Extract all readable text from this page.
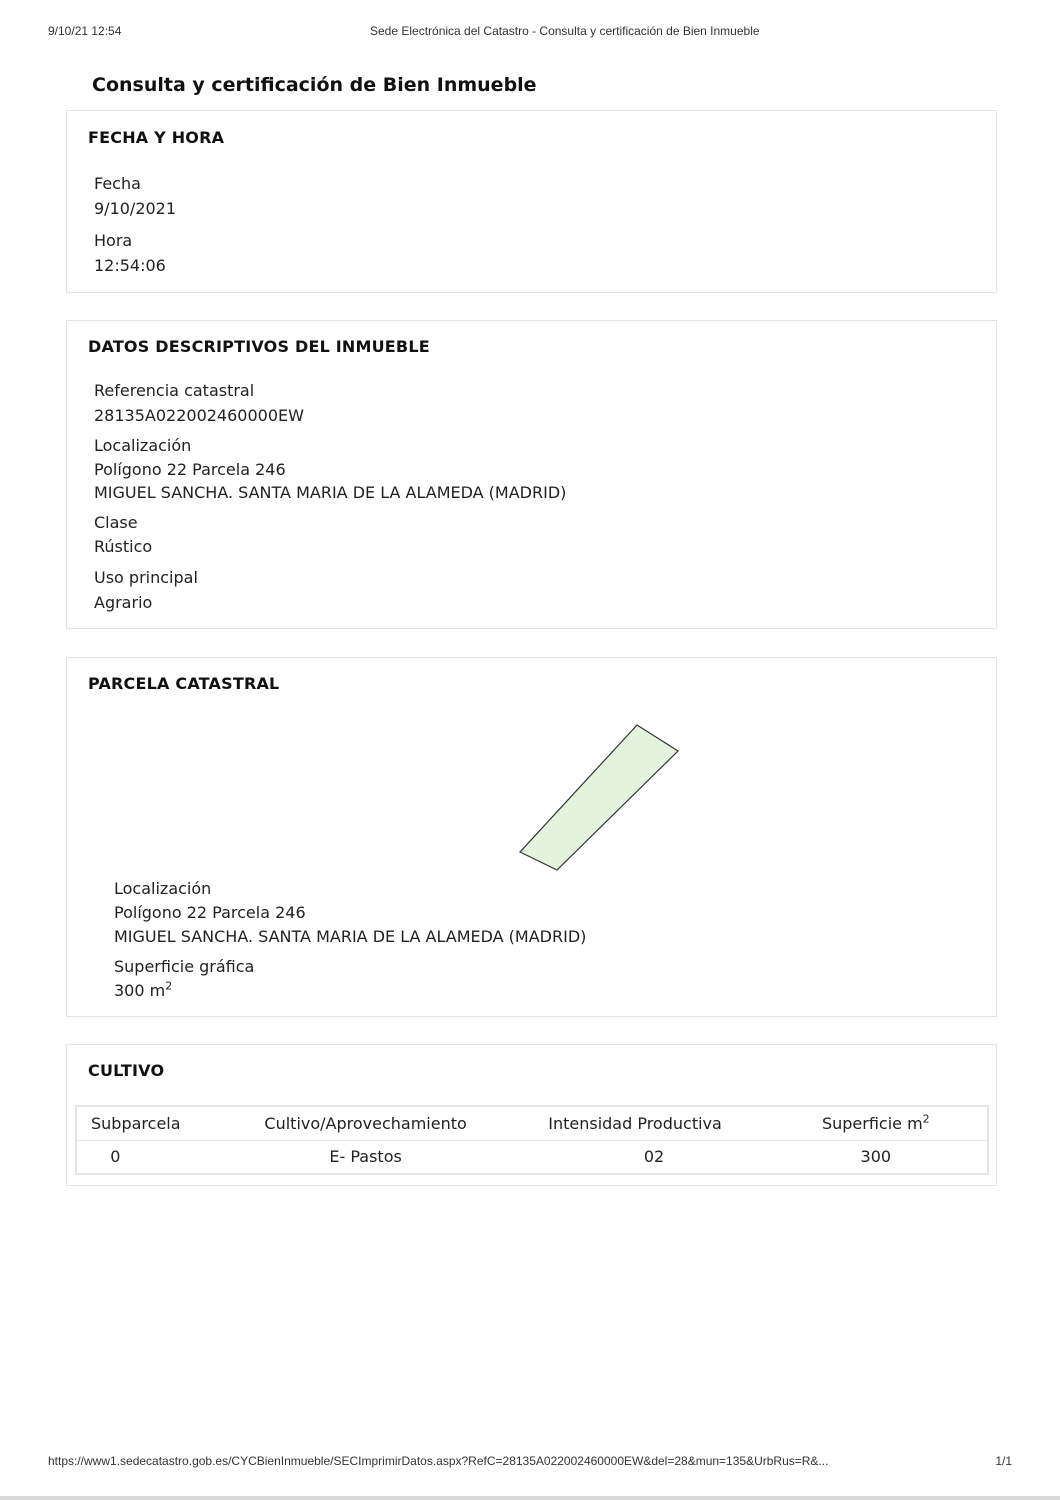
9/10/21 12:54	Sede Electrónica del Catastro - Consulta y certificación de Bien Inmueble
Consulta y certificación de Bien Inmueble
FECHA Y HORA
Fecha
9/10/2021
Hora
12:54:06
DATOS DESCRIPTIVOS DEL INMUEBLE
Referencia catastral
28135A022002460000EW
Localización
Polígono 22 Parcela 246
MIGUEL SANCHA. SANTA MARIA DE LA ALAMEDA (MADRID)
Clase
Rústico
Uso principal
Agrario
PARCELA CATASTRAL
Localización
Polígono 22 Parcela 246
MIGUEL SANCHA. SANTA MARIA DE LA ALAMEDA (MADRID)
Superficie gráfica
300 $m^2$
CULTIVO
Subparcela	Cultivo/Aprovechamiento	Intensidad Productiva	Superficie $m^2$
0	E- Pastos	02	300
https://www1.sedecatastro.gob.es/CYCBienInmueble/SECImprimirDatos.aspx?RefC=28135A022002460000EW&del=28&mun=135&UrbRus=R&...	1/1
